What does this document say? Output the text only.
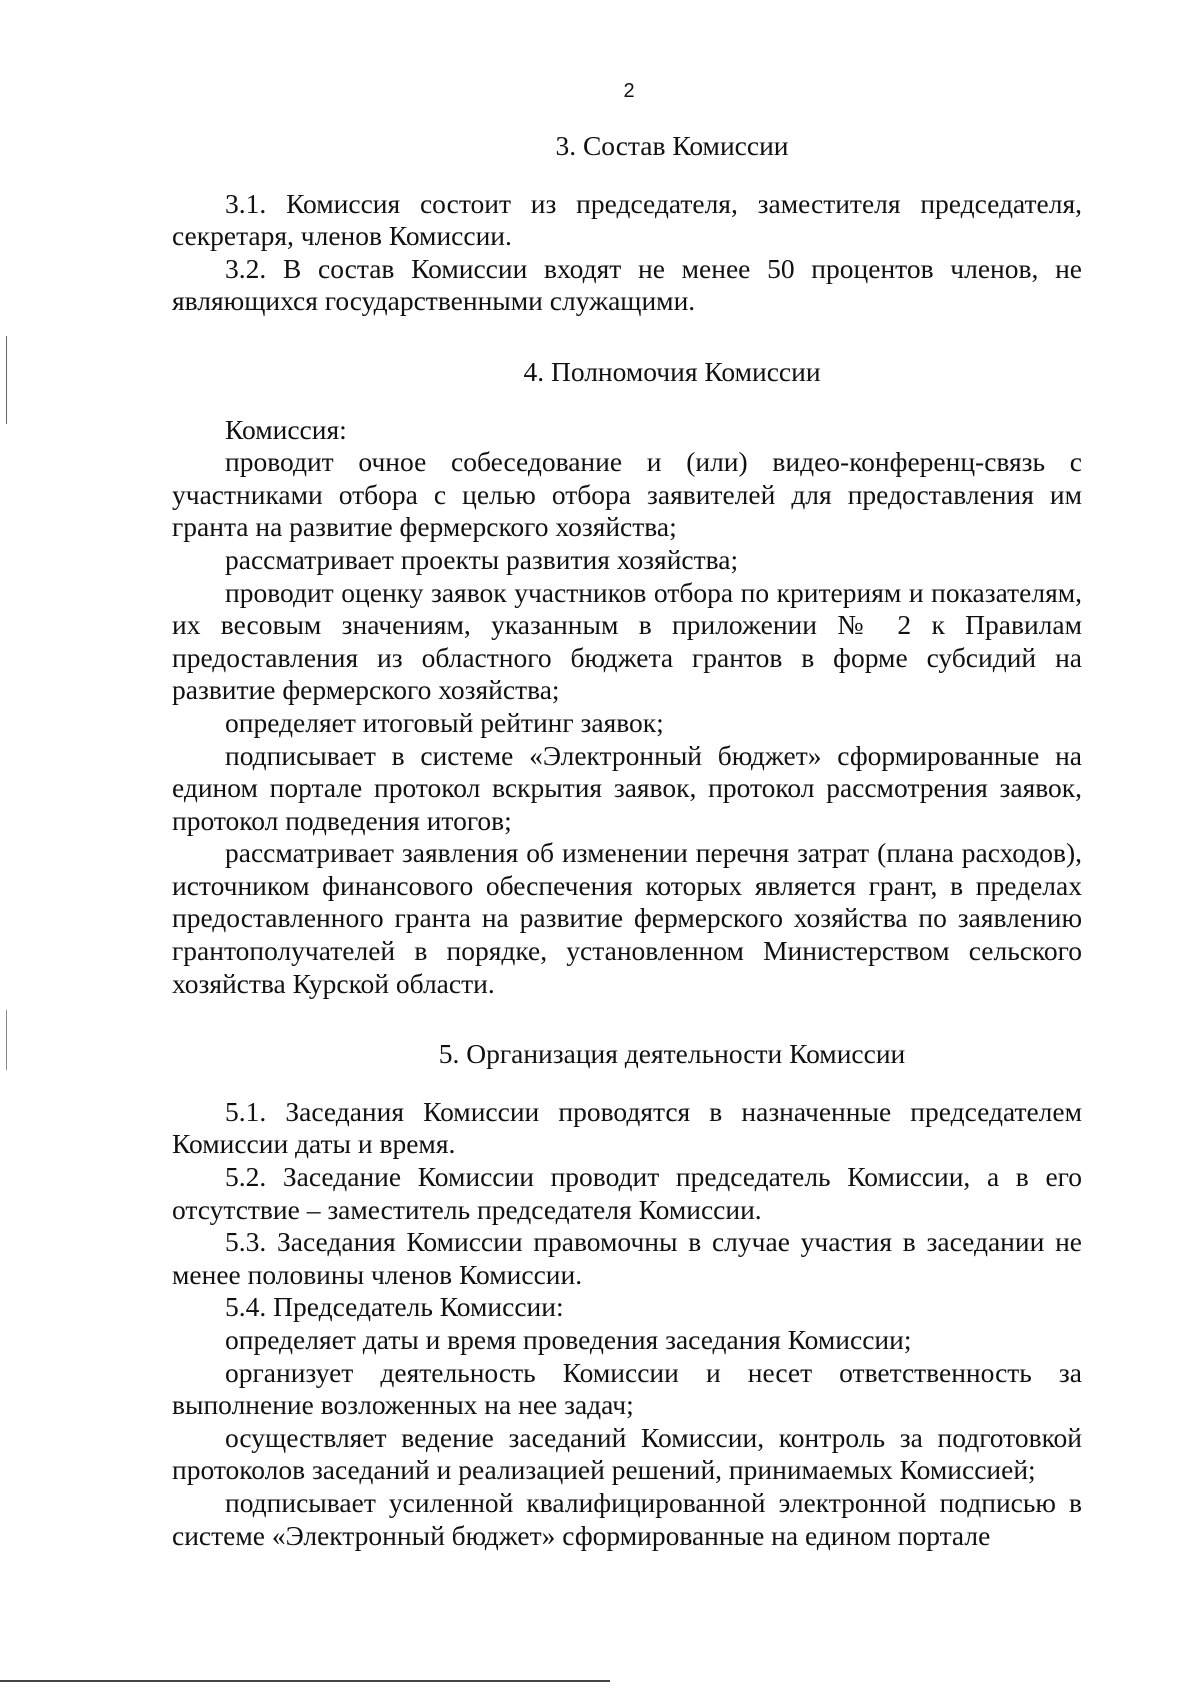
2
3. Состав Комиссии

3.1. Комиссия состоит из председателя, заместителя председателя, секретаря, членов Комиссии.

3.2. В состав Комиссии входят не менее 50 процентов членов, не являющихся государственными служащими.

4. Полномочия Комиссии

Комиссия:

проводит очное собеседование и (или) видео-конференц-связь с участниками отбора с целью отбора заявителей для предоставления им гранта на развитие фермерского хозяйства;

рассматривает проекты развития хозяйства;

проводит оценку заявок участников отбора по критериям и показателям, их весовым значениям, указанным в приложении № 2 к Правилам предоставления из областного бюджета грантов в форме субсидий на развитие фермерского хозяйства;

определяет итоговый рейтинг заявок;

подписывает в системе «Электронный бюджет» сформированные на едином портале протокол вскрытия заявок, протокол рассмотрения заявок, протокол подведения итогов;

рассматривает заявления об изменении перечня затрат (плана расходов), источником финансового обеспечения которых является грант, в пределах предоставленного гранта на развитие фермерского хозяйства по заявлению грантополучателей в порядке, установленном Министерством сельского хозяйства Курской области.

5. Организация деятельности Комиссии

5.1. Заседания Комиссии проводятся в назначенные председателем Комиссии даты и время.

5.2. Заседание Комиссии проводит председатель Комиссии, а в его отсутствие – заместитель председателя Комиссии.

5.3. Заседания Комиссии правомочны в случае участия в заседании не менее половины членов Комиссии.

5.4. Председатель Комиссии:

определяет даты и время проведения заседания Комиссии;

организует деятельность Комиссии и несет ответственность за выполнение возложенных на нее задач;

осуществляет ведение заседаний Комиссии, контроль за подготовкой протоколов заседаний и реализацией решений, принимаемых Комиссией;

подписывает усиленной квалифицированной электронной подписью в системе «Электронный бюджет» сформированные на едином портале
